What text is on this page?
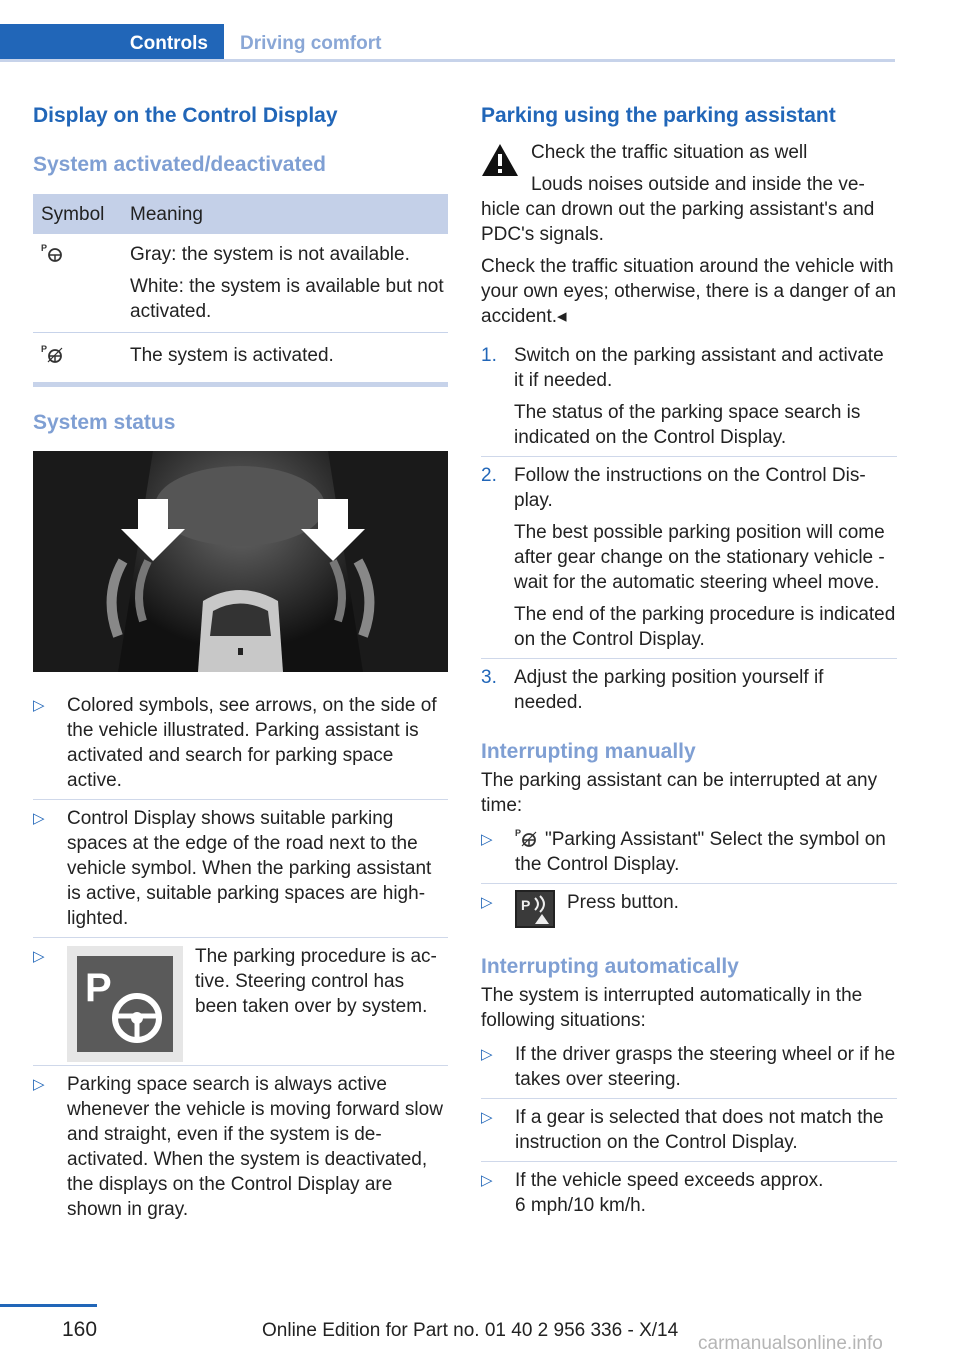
Controls	Driving comfort
Display on the Control Display
System activated/deactivated
Symbol	Meaning

P	Gray: the system is not available.

White: the system is available but not activated.

P	The system is activated.

System status
▷ Colored symbols, see arrows, on the side of the vehicle illustrated. Parking assistant is activated and search for parking space active.
▷ Control Display shows suitable parking spaces at the edge of the road next to the vehicle symbol. When the parking assistant is active, suitable parking spaces are highlighted.
▷
P
The parking procedure is active. Steering control has been taken over by system.
▷ Parking space search is always active whenever the vehicle is moving forward slow and straight, even if the system is deactivated. When the system is deactivated, the displays on the Control Display are shown in gray.
Parking using the parking assistant

Check the traffic situation as well

Louds noises outside and inside the vehicle can drown out the parking assistant's and PDC's signals.

Check the traffic situation around the vehicle with your own eyes; otherwise, there is a danger of an accident.◂

1. Switch on the parking assistant and activate it if needed.

The status of the parking space search is indicated on the Control Display.

2. Follow the instructions on the Control Display.

The best possible parking position will come after gear change on the stationary vehicle - wait for the automatic steering wheel move.

The end of the parking procedure is indicated on the Control Display.

3. Adjust the parking position yourself if needed.

Interrupting manually

The parking assistant can be interrupted at any time:

▷ P "Parking Assistant" Select the symbol on the Control Display.
▷ P Press button.
Interrupting automatically

The system is interrupted automatically in the following situations:

▷ If the driver grasps the steering wheel or if he takes over steering.
▷ If a gear is selected that does not match the instruction on the Control Display.
▷ If the vehicle speed exceeds approx.
6 mph/10 km/h.
160	Online Edition for Part no. 01 40 2 956 336 - X/14
carmanualsonline.info
